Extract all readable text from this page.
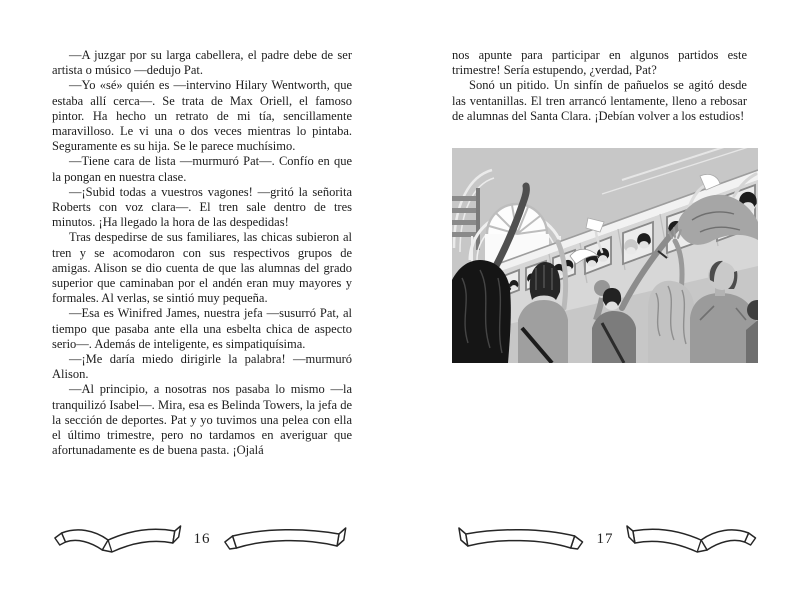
—A juzgar por su larga cabellera, el padre debe de ser artista o músico —dedujo Pat.

—Yo «sé» quién es —intervino Hilary Wentworth, que estaba allí cerca—. Se trata de Max Oriell, el famoso pintor. Ha hecho un retrato de mi tía, sencillamente maravilloso. Le vi una o dos veces mientras lo pintaba. Seguramente es su hija. Se le parece muchísimo.

—Tiene cara de lista —murmuró Pat—. Confío en que la pongan en nuestra clase.

—¡Subid todas a vuestros vagones! —gritó la señorita Roberts con voz clara—. El tren sale dentro de tres minutos. ¡Ha llegado la hora de las despedidas!

Tras despedirse de sus familiares, las chicas subieron al tren y se acomodaron con sus respectivos grupos de amigas. Alison se dio cuenta de que las alumnas del grado superior que caminaban por el andén eran muy mayores y formales. Al verlas, se sintió muy pequeña.

—Esa es Winifred James, nuestra jefa —susurró Pat, al tiempo que pasaba ante ella una esbelta chica de aspecto serio—. Además de inteligente, es simpatiquísima.

—¡Me daría miedo dirigirle la palabra! —murmuró Alison.

—Al principio, a nosotras nos pasaba lo mismo —la tranquilizó Isabel—. Mira, esa es Belinda Towers, la jefa de la sección de deportes. Pat y yo tuvimos una pelea con ella el último trimestre, pero no tardamos en averiguar que afortunadamente es de buena pasta. ¡Ojalá

16

nos apunte para participar en algunos partidos este trimestre! Sería estupendo, ¿verdad, Pat?

Sonó un pitido. Un sinfín de pañuelos se agitó desde las ventanillas. El tren arrancó lentamente, lleno a rebosar de alumnas del Santa Clara. ¡Debían volver a los estudios!

17
